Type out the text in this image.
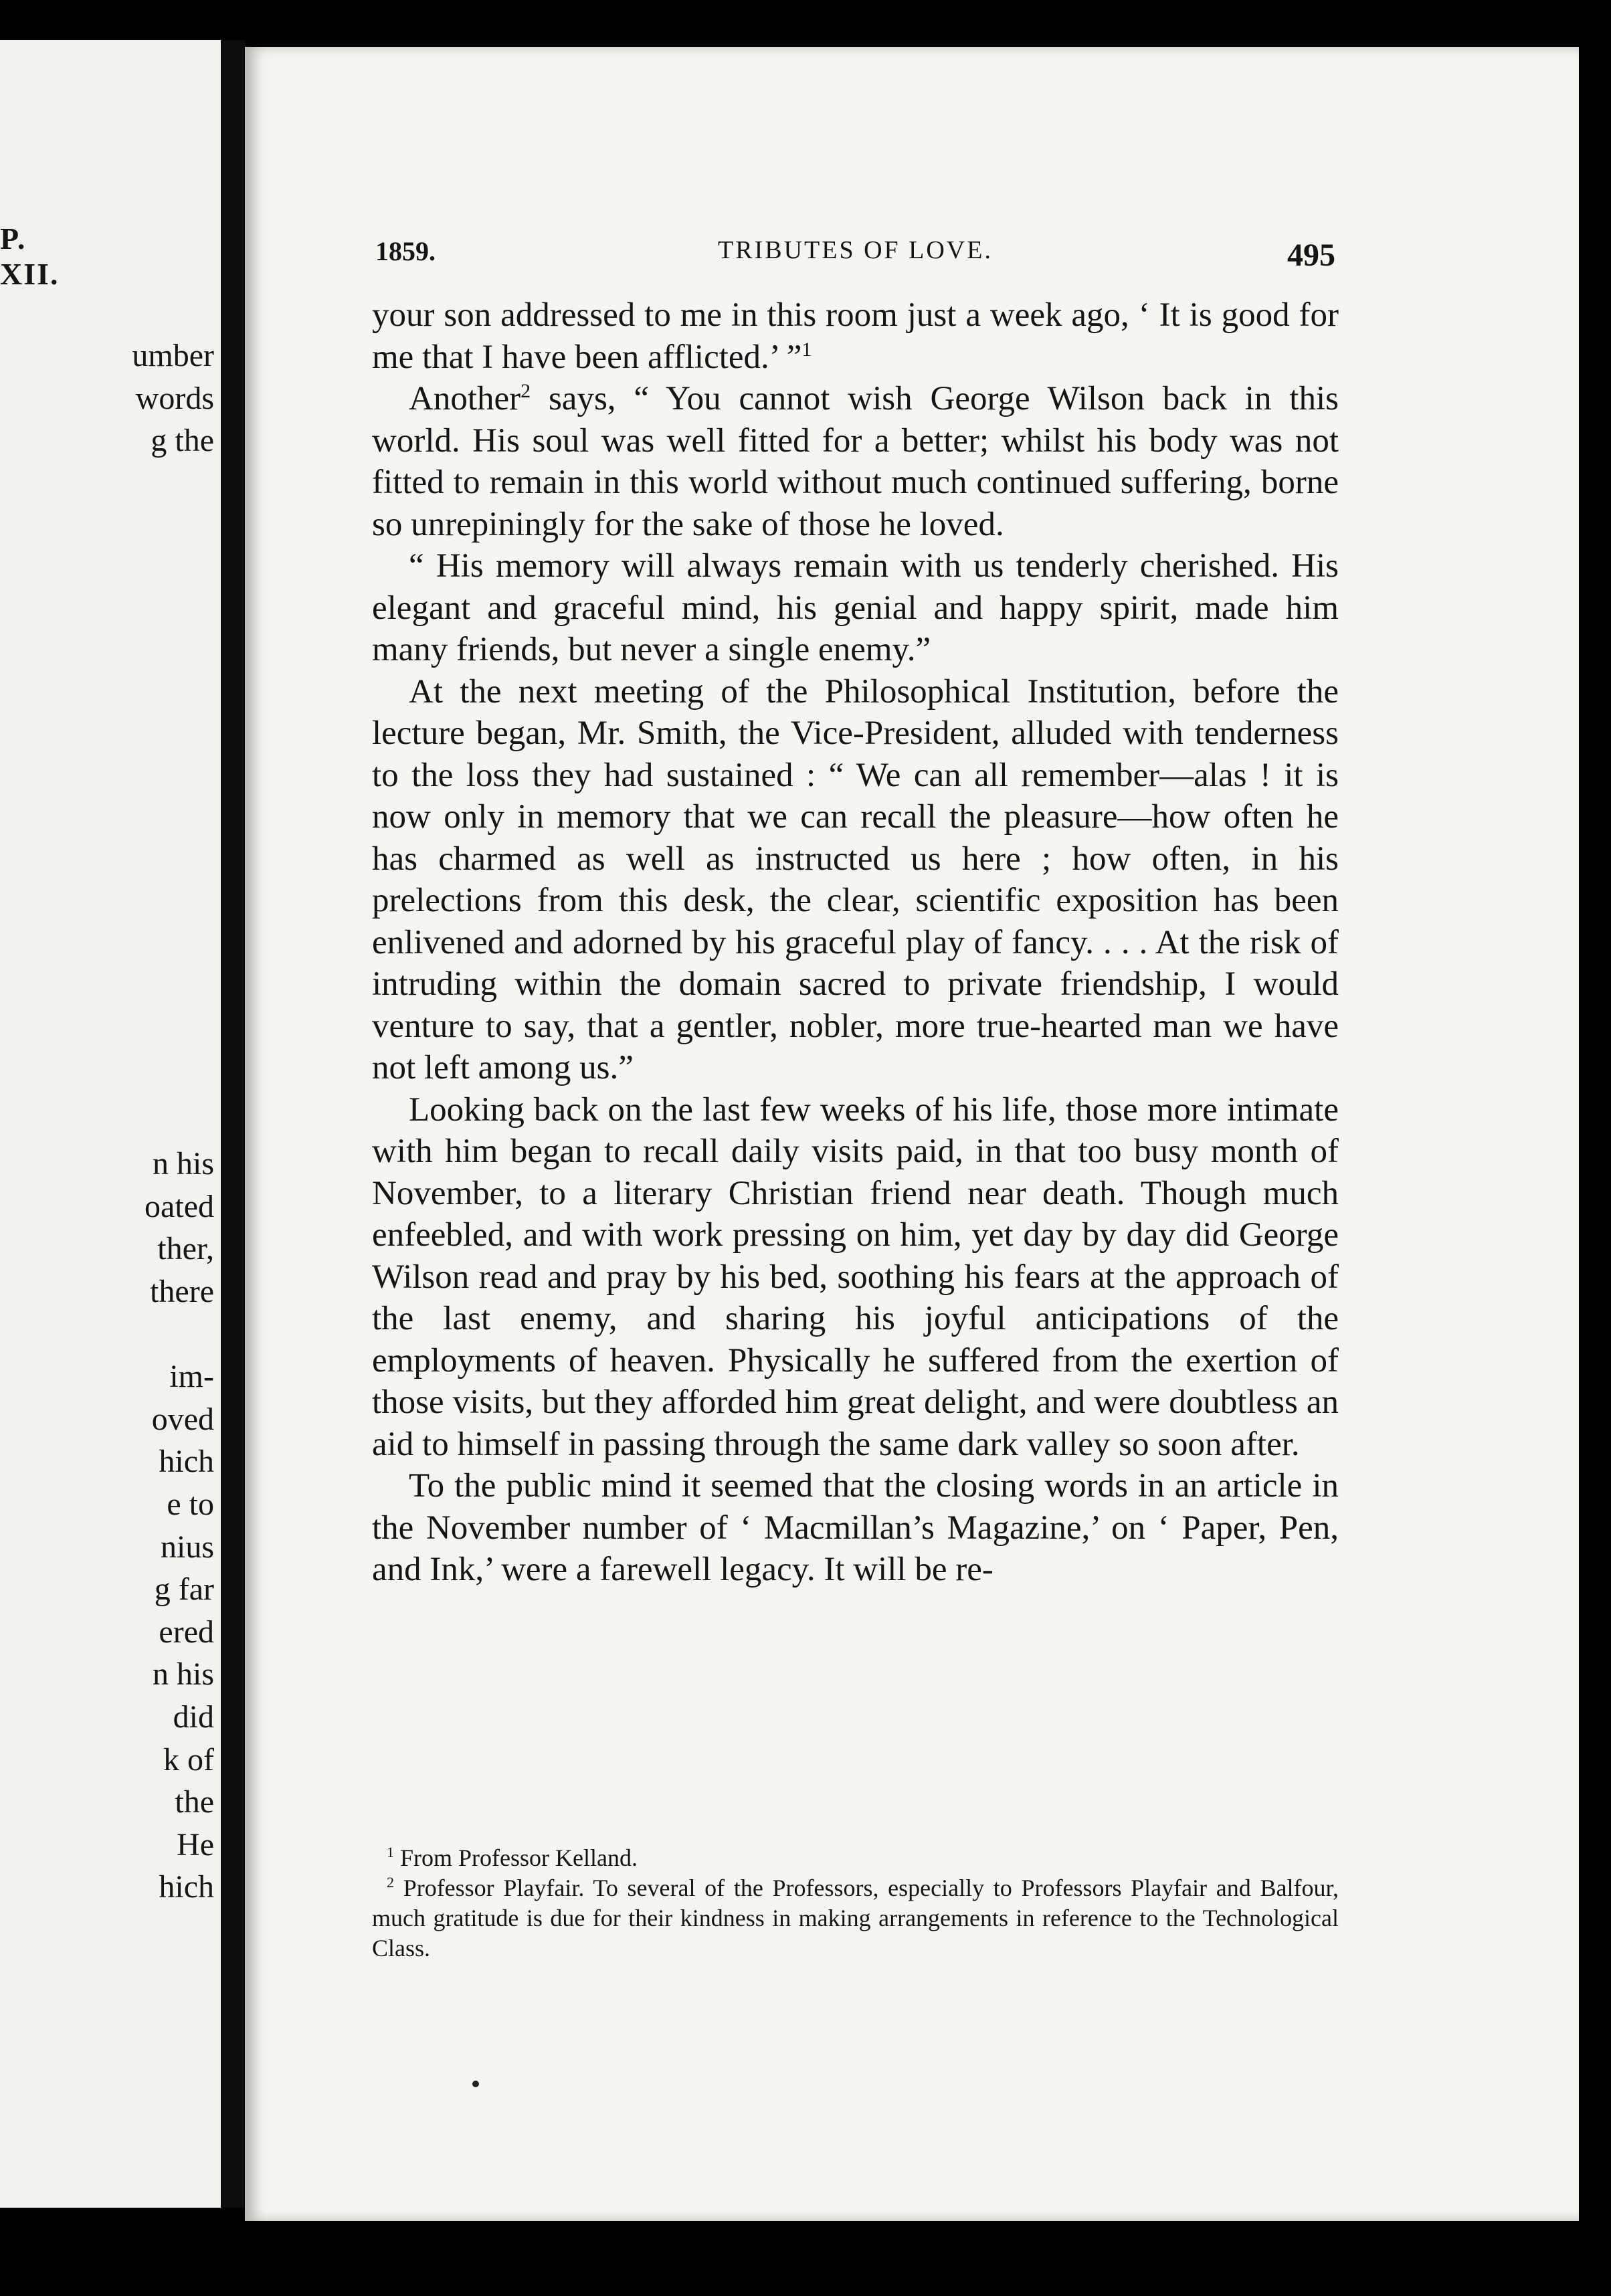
P. XII.
umber
words
g the
n his
oated
ther,
there
im-
oved
hich
e to
nius
g far
ered
n his
did
k of
the
He
hich
1859.	TRIBUTES OF LOVE.	495

your son addressed to me in this room just a week ago, ‘ It is good for me that I have been afflicted.’ ”$^1$

Another$^2$ says, “ You cannot wish George Wilson back in this world. His soul was well fitted for a better; whilst his body was not fitted to remain in this world without much continued suffering, borne so unrepiningly for the sake of those he loved.

“ His memory will always remain with us tenderly cherished. His elegant and graceful mind, his genial and happy spirit, made him many friends, but never a single enemy.”

At the next meeting of the Philosophical Institution, before the lecture began, Mr. Smith, the Vice-President, alluded with tenderness to the loss they had sustained : “ We can all remember—alas ! it is now only in memory that we can recall the pleasure—how often he has charmed as well as instructed us here ; how often, in his prelections from this desk, the clear, scientific exposition has been enlivened and adorned by his graceful play of fancy. . . . At the risk of intruding within the domain sacred to private friendship, I would venture to say, that a gentler, nobler, more true-hearted man we have not left among us.”

Looking back on the last few weeks of his life, those more intimate with him began to recall daily visits paid, in that too busy month of November, to a literary Christian friend near death. Though much enfeebled, and with work pressing on him, yet day by day did George Wilson read and pray by his bed, soothing his fears at the approach of the last enemy, and sharing his joyful anticipations of the employments of heaven. Physically he suffered from the exertion of those visits, but they afforded him great delight, and were doubtless an aid to himself in passing through the same dark valley so soon after.

To the public mind it seemed that the closing words in an article in the November number of ‘ Macmillan’s Magazine,’ on ‘ Paper, Pen, and Ink,’ were a farewell legacy. It will be re-

$^1$ From Professor Kelland.

$^2$ Professor Playfair. To several of the Professors, especially to Professors Playfair and Balfour, much gratitude is due for their kindness in making arrangements in reference to the Technological Class.
